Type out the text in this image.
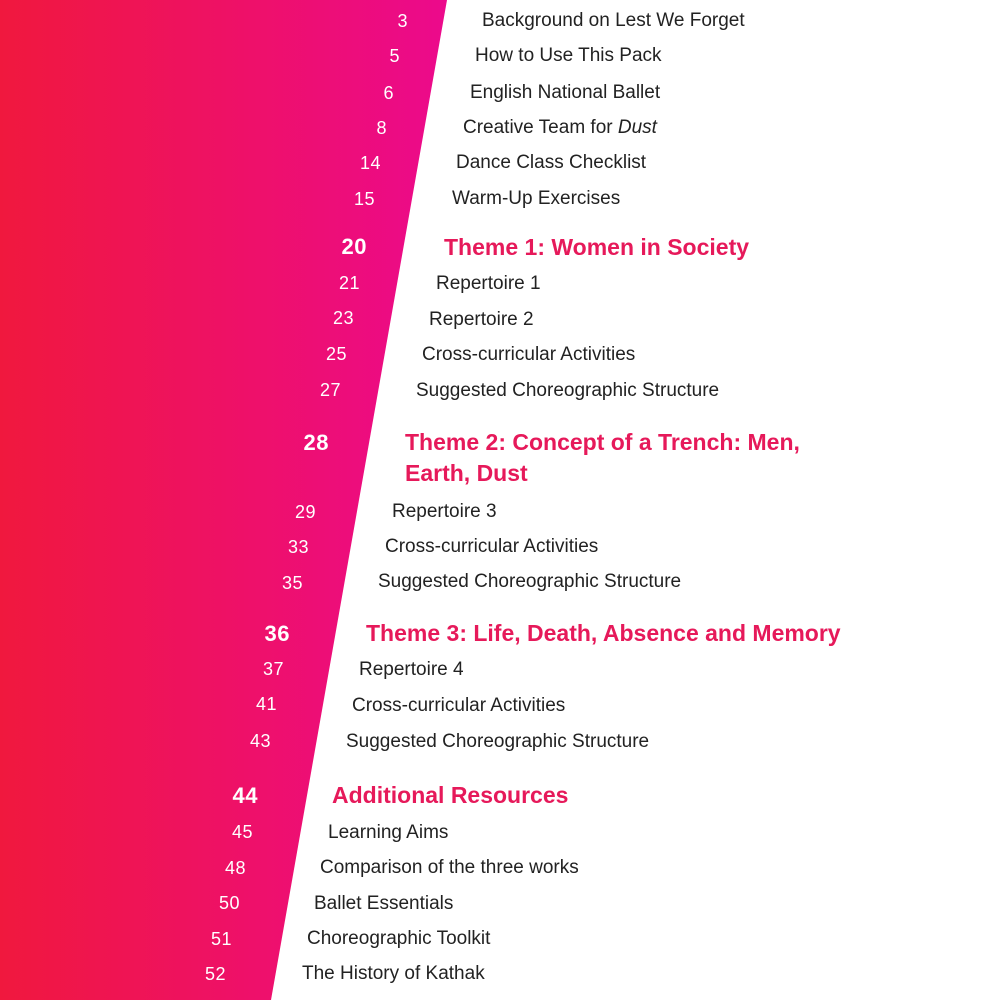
3	Background on Lest We Forget
5	How to Use This Pack
6	English National Ballet
8	Creative Team for Dust
14	Dance Class Checklist
15	Warm-Up Exercises
20	Theme 1: Women in Society
21	Repertoire 1
23	Repertoire 2
25	Cross-curricular Activities
27	Suggested Choreographic Structure
28	Theme 2: Concept of a Trench: Men, Earth, Dust
29	Repertoire 3
33	Cross-curricular Activities
35	Suggested Choreographic Structure
36	Theme 3: Life, Death, Absence and Memory
37	Repertoire 4
41	Cross-curricular Activities
43	Suggested Choreographic Structure
44	Additional Resources
45	Learning Aims
48	Comparison of the three works
50	Ballet Essentials
51	Choreographic Toolkit
52	The History of Kathak
